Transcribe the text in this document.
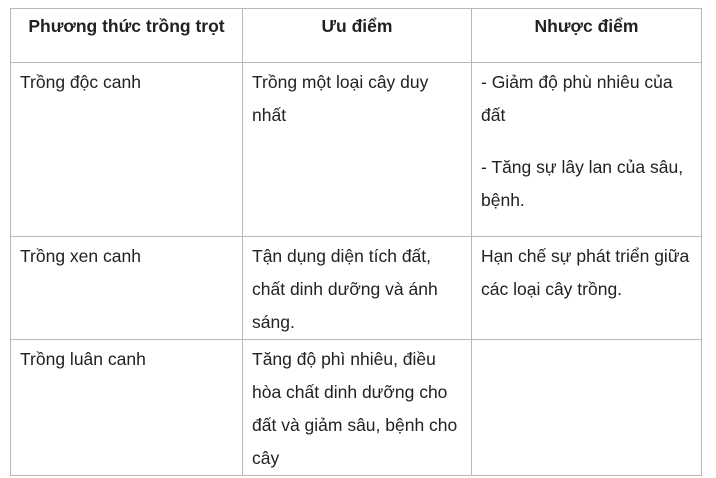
Phương thức trồng trọt	Ưu điểm	Nhược điểm
Trồng độc canh	Trồng một loại cây duy nhất	- Giảm độ phù nhiêu của đất
- Tăng sự lây lan của sâu, bệnh.

Trồng xen canh	Tận dụng diện tích đất, chất dinh dưỡng và ánh sáng.	Hạn chế sự phát triển giữa các loại cây trồng.

Trồng luân canh	Tăng độ phì nhiêu, điều hòa chất dinh dưỡng cho đất và giảm sâu, bệnh cho cây	
